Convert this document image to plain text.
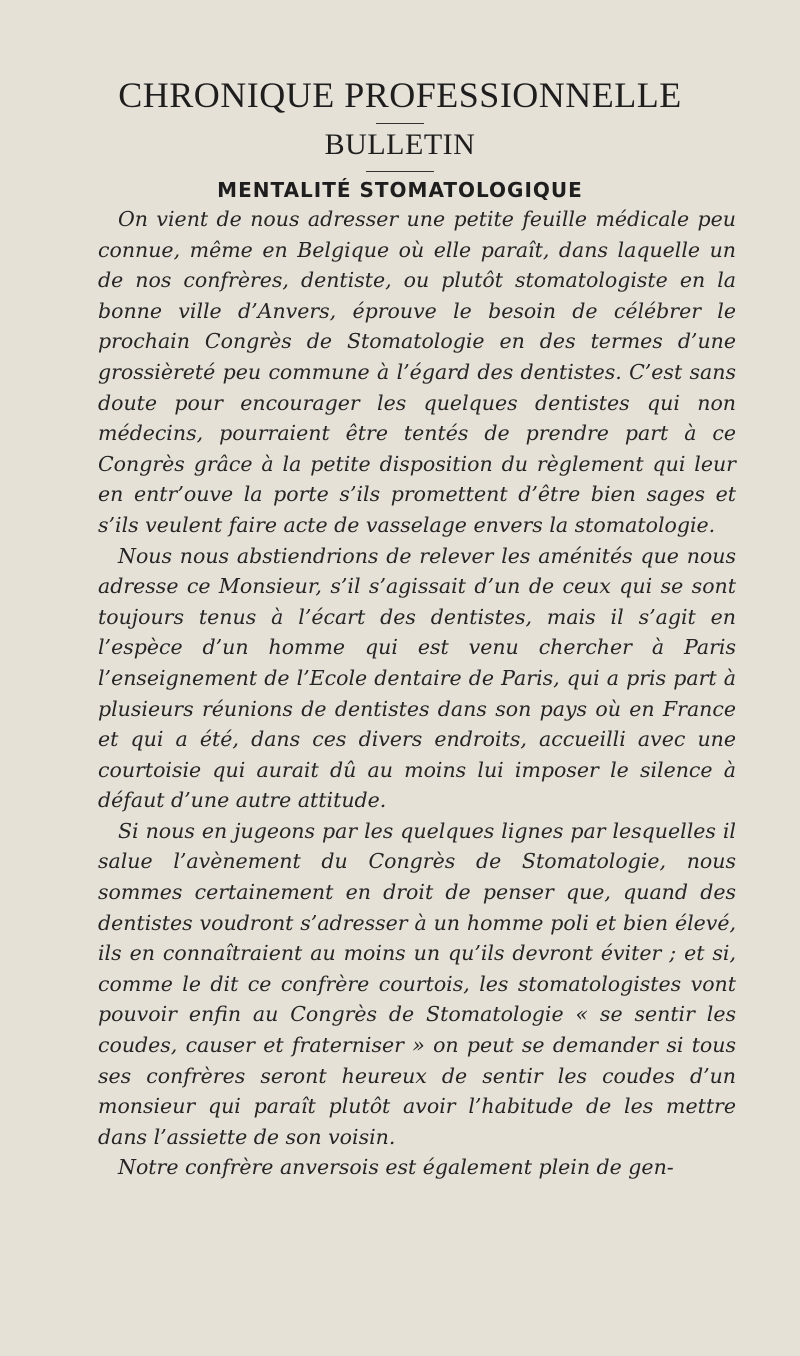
CHRONIQUE PROFESSIONNELLE
BULLETIN
MENTALITÉ STOMATOLOGIQUE

On vient de nous adresser une petite feuille médicale peu connue, même en Belgique où elle paraît, dans laquelle un de nos confrères, dentiste, ou plutôt stomatologiste en la bonne ville d’Anvers, éprouve le besoin de célébrer le prochain Congrès de Stomatologie en des termes d’une grossièreté peu commune à l’égard des dentistes. C’est sans doute pour encourager les quelques dentistes qui non médecins, pourraient être tentés de prendre part à ce Congrès grâce à la petite disposition du règlement qui leur en entr’ouve la porte s’ils promettent d’être bien sages et s’ils veulent faire acte de vasselage envers la stomatologie.

Nous nous abstiendrions de relever les aménités que nous adresse ce Monsieur, s’il s’agissait d’un de ceux qui se sont toujours tenus à l’écart des dentistes, mais il s’agit en l’espèce d’un homme qui est venu chercher à Paris l’enseignement de l’Ecole dentaire de Paris, qui a pris part à plusieurs réunions de dentistes dans son pays où en France et qui a été, dans ces divers endroits, accueilli avec une courtoisie qui aurait dû au moins lui imposer le silence à défaut d’une autre attitude.

Si nous en jugeons par les quelques lignes par lesquelles il salue l’avènement du Congrès de Stomatologie, nous sommes certainement en droit de penser que, quand des dentistes voudront s’adresser à un homme poli et bien élevé, ils en connaîtraient au moins un qu’ils devront éviter ; et si, comme le dit ce confrère courtois, les stomatologistes vont pouvoir enfin au Congrès de Stomatologie « se sentir les coudes, causer et fraterniser » on peut se demander si tous ses confrères seront heureux de sentir les coudes d’un monsieur qui paraît plutôt avoir l’habitude de les mettre dans l’assiette de son voisin.

Notre confrère anversois est également plein de gen-
